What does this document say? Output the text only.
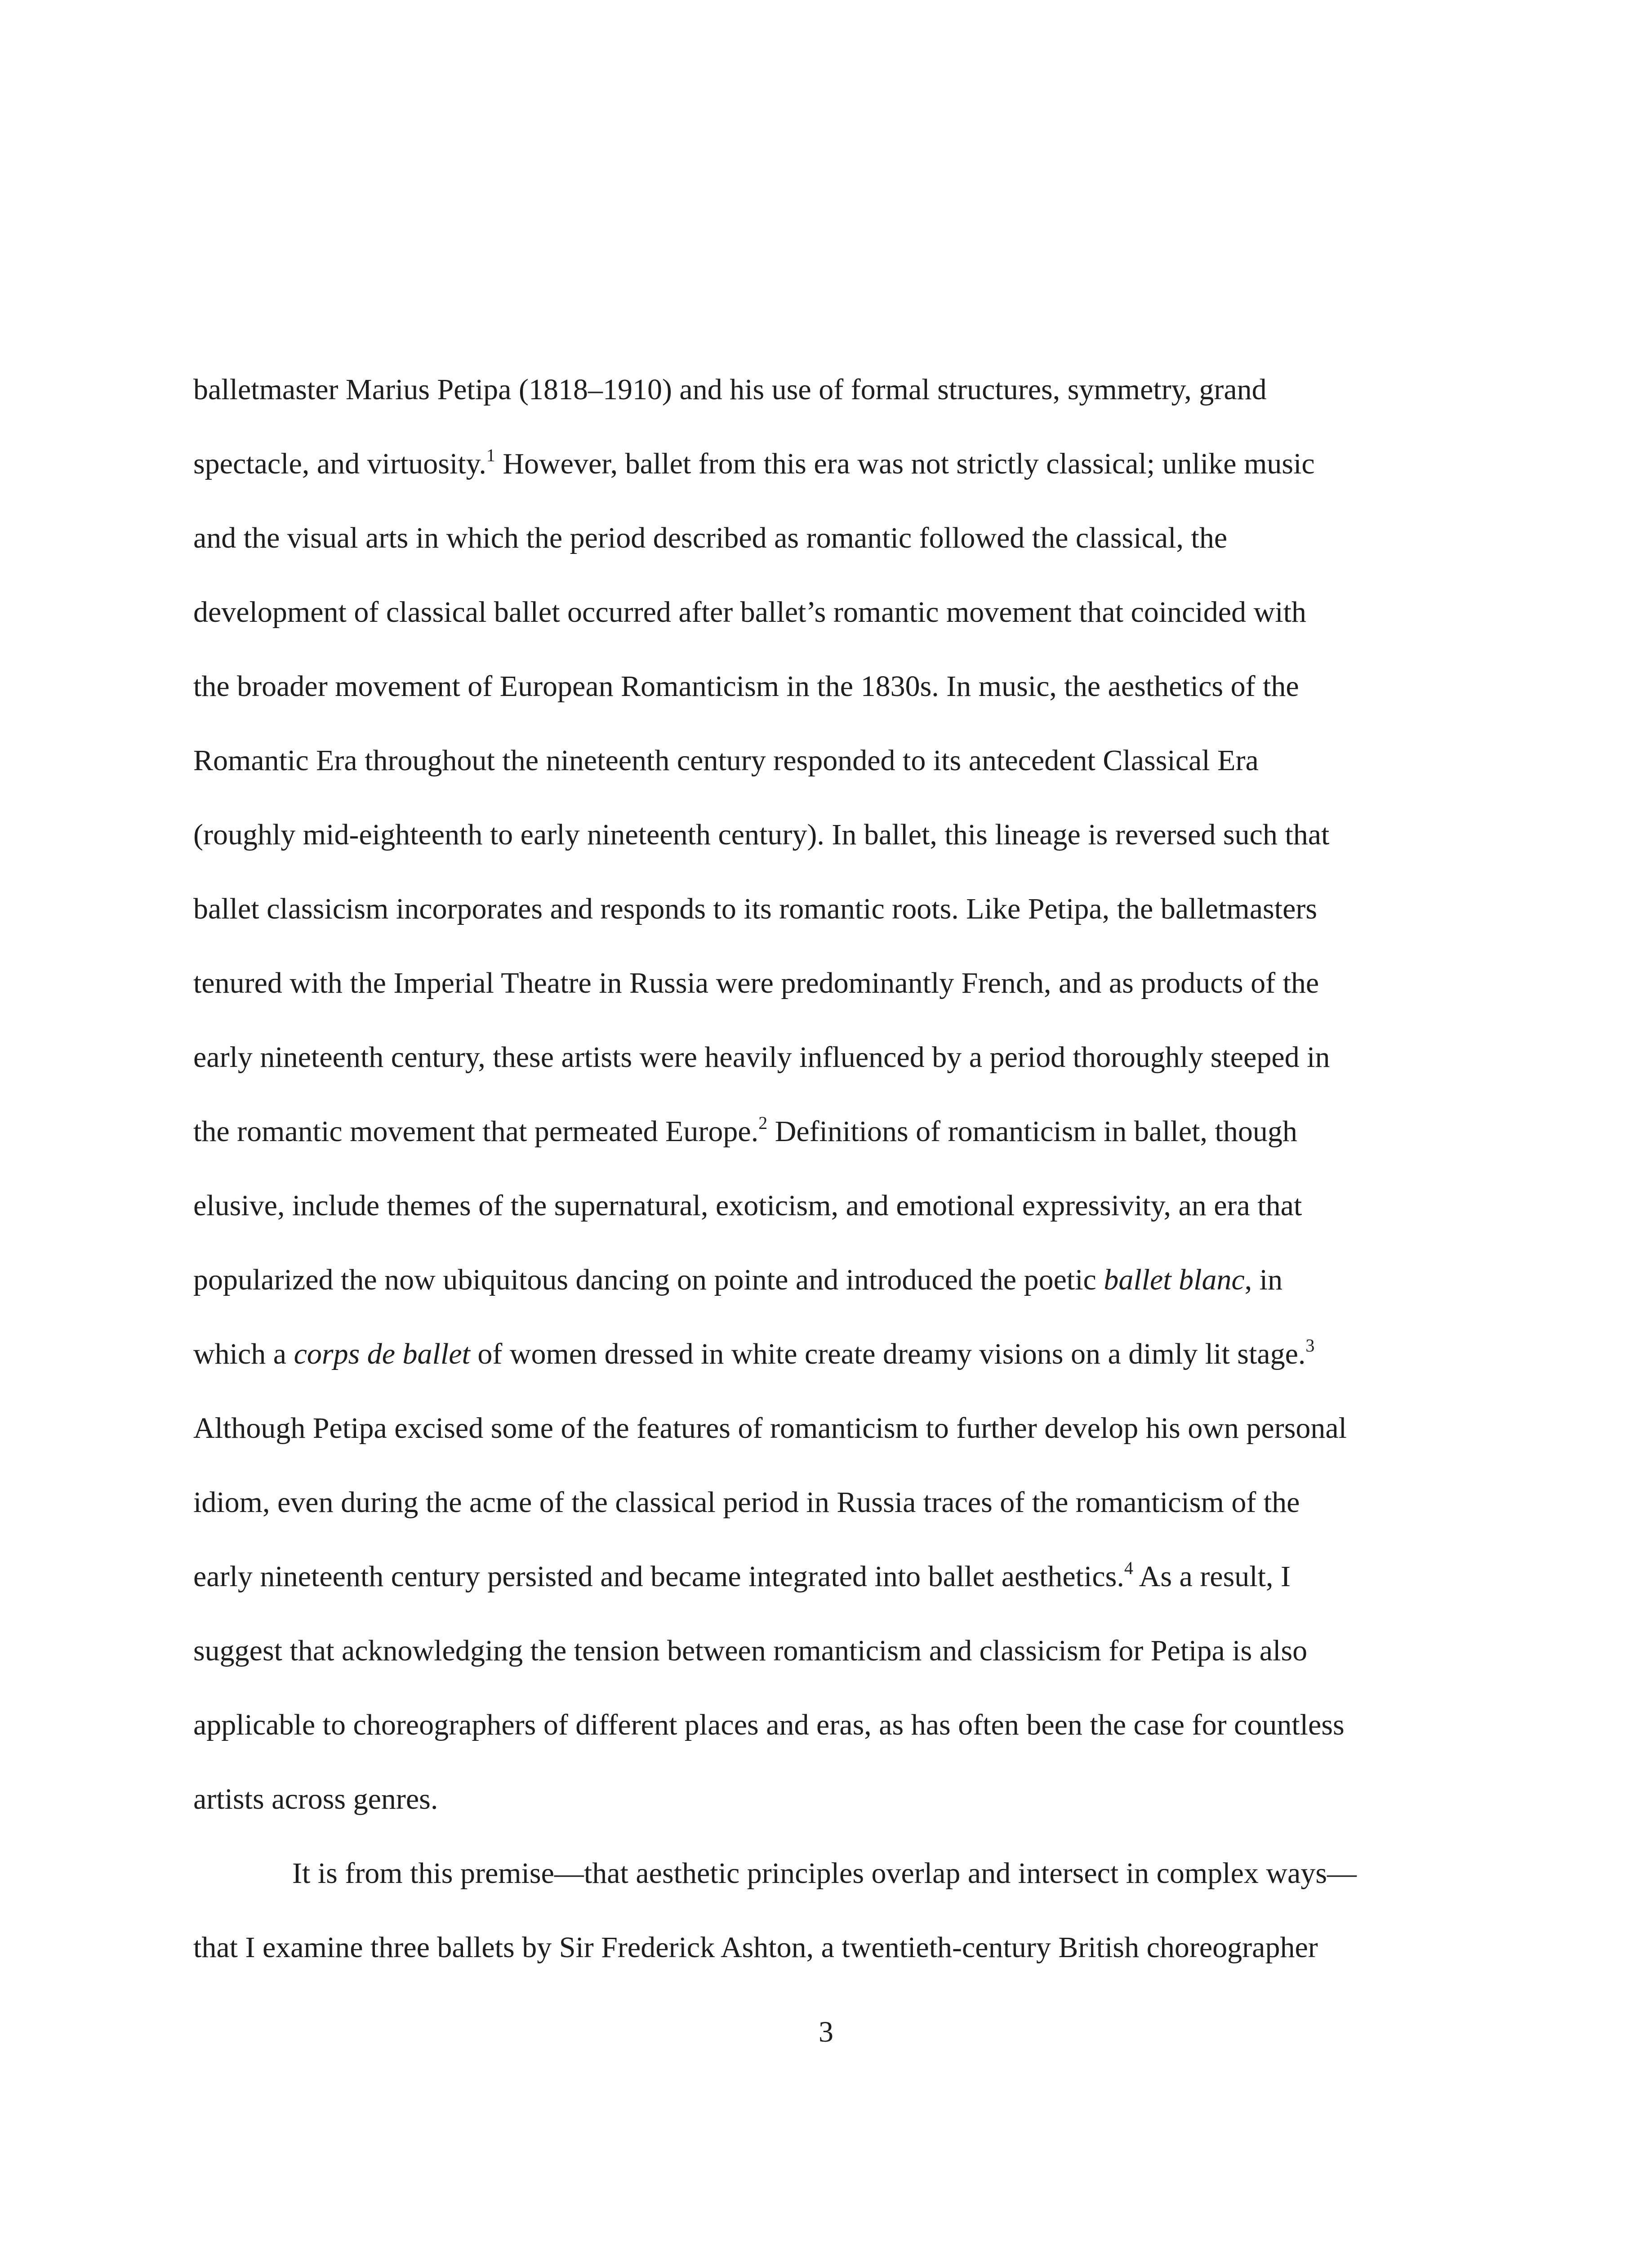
balletmaster Marius Petipa (1818–1910) and his use of formal structures, symmetry, grand
spectacle, and virtuosity.$^1$ However, ballet from this era was not strictly classical; unlike music
and the visual arts in which the period described as romantic followed the classical, the
development of classical ballet occurred after ballet’s romantic movement that coincided with
the broader movement of European Romanticism in the 1830s. In music, the aesthetics of the
Romantic Era throughout the nineteenth century responded to its antecedent Classical Era
(roughly mid-eighteenth to early nineteenth century). In ballet, this lineage is reversed such that
ballet classicism incorporates and responds to its romantic roots. Like Petipa, the balletmasters
tenured with the Imperial Theatre in Russia were predominantly French, and as products of the
early nineteenth century, these artists were heavily influenced by a period thoroughly steeped in
the romantic movement that permeated Europe.$^2$ Definitions of romanticism in ballet, though
elusive, include themes of the supernatural, exoticism, and emotional expressivity, an era that
popularized the now ubiquitous dancing on pointe and introduced the poetic ballet blanc, in
which a corps de ballet of women dressed in white create dreamy visions on a dimly lit stage.$^3$
Although Petipa excised some of the features of romanticism to further develop his own personal
idiom, even during the acme of the classical period in Russia traces of the romanticism of the
early nineteenth century persisted and became integrated into ballet aesthetics.$^4$ As a result, I
suggest that acknowledging the tension between romanticism and classicism for Petipa is also
applicable to choreographers of different places and eras, as has often been the case for countless
artists across genres.
It is from this premise—that aesthetic principles overlap and intersect in complex ways—
that I examine three ballets by Sir Frederick Ashton, a twentieth-century British choreographer
3
